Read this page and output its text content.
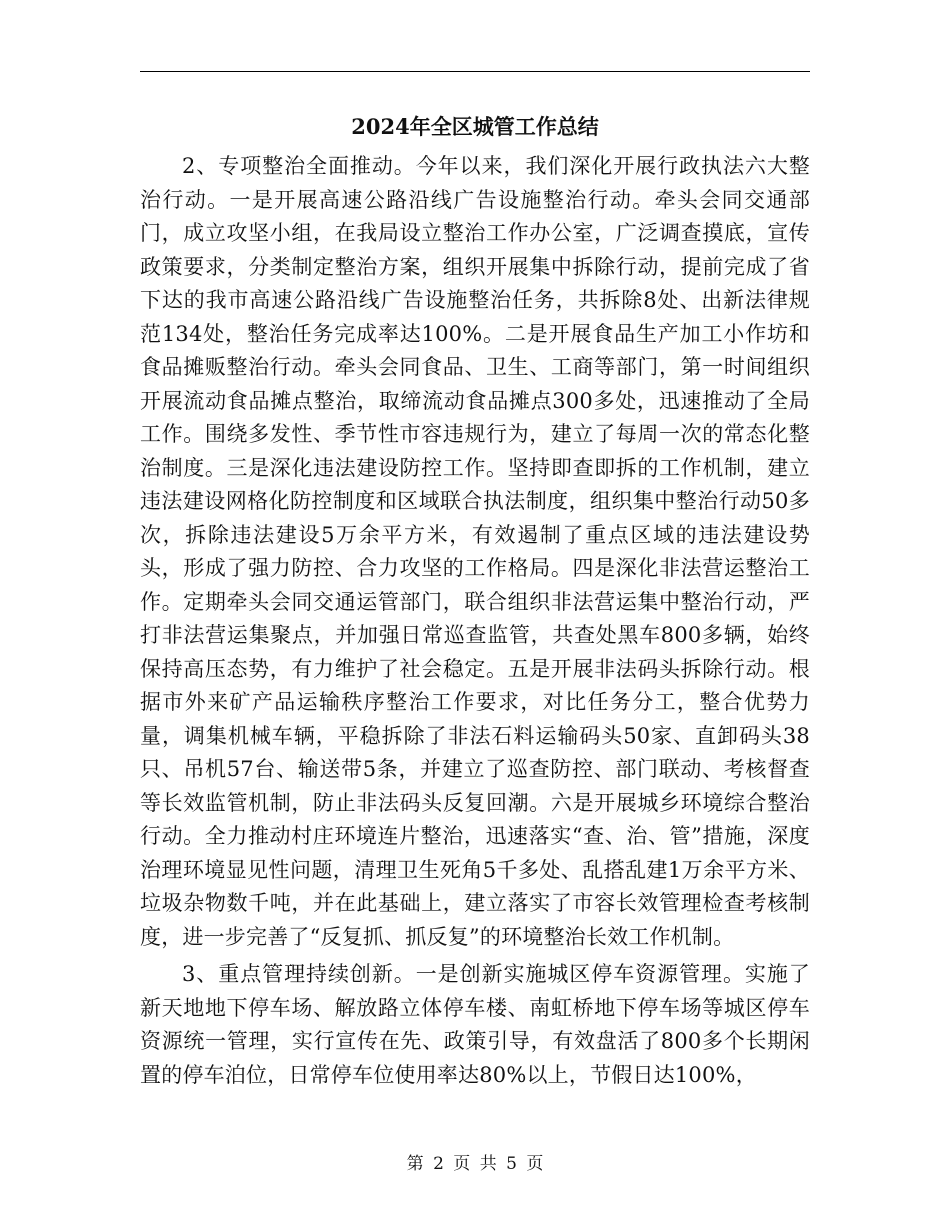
2024年全区城管工作总结

2、专项整治全面推动。今年以来，我们深化开展行政执法六大整治行动。一是开展高速公路沿线广告设施整治行动。牵头会同交通部门，成立攻坚小组，在我局设立整治工作办公室，广泛调查摸底，宣传政策要求，分类制定整治方案，组织开展集中拆除行动，提前完成了省下达的我市高速公路沿线广告设施整治任务，共拆除8处、出新法律规范134处，整治任务完成率达100%。二是开展食品生产加工小作坊和食品摊贩整治行动。牵头会同食品、卫生、工商等部门，第一时间组织开展流动食品摊点整治，取缔流动食品摊点300多处，迅速推动了全局工作。围绕多发性、季节性市容违规行为，建立了每周一次的常态化整治制度。三是深化违法建设防控工作。坚持即查即拆的工作机制，建立违法建设网格化防控制度和区域联合执法制度，组织集中整治行动50多次，拆除违法建设5万余平方米，有效遏制了重点区域的违法建设势头，形成了强力防控、合力攻坚的工作格局。四是深化非法营运整治工作。定期牵头会同交通运管部门，联合组织非法营运集中整治行动，严打非法营运集聚点，并加强日常巡查监管，共查处黑车800多辆，始终保持高压态势，有力维护了社会稳定。五是开展非法码头拆除行动。根据市外来矿产品运输秩序整治工作要求，对比任务分工，整合优势力量，调集机械车辆，平稳拆除了非法石料运输码头50家、直卸码头38只、吊机57台、输送带5条，并建立了巡查防控、部门联动、考核督查等长效监管机制，防止非法码头反复回潮。六是开展城乡环境综合整治行动。全力推动村庄环境连片整治，迅速落实“查、治、管”措施，深度治理环境显见性问题，清理卫生死角5千多处、乱搭乱建1万余平方米、垃圾杂物数千吨，并在此基础上，建立落实了市容长效管理检查考核制度，进一步完善了“反复抓、抓反复”的环境整治长效工作机制。

3、重点管理持续创新。一是创新实施城区停车资源管理。实施了新天地地下停车场、解放路立体停车楼、南虹桥地下停车场等城区停车资源统一管理，实行宣传在先、政策引导，有效盘活了800多个长期闲置的停车泊位，日常停车位使用率达80%以上，节假日达100%，

第 2 页 共 5 页
